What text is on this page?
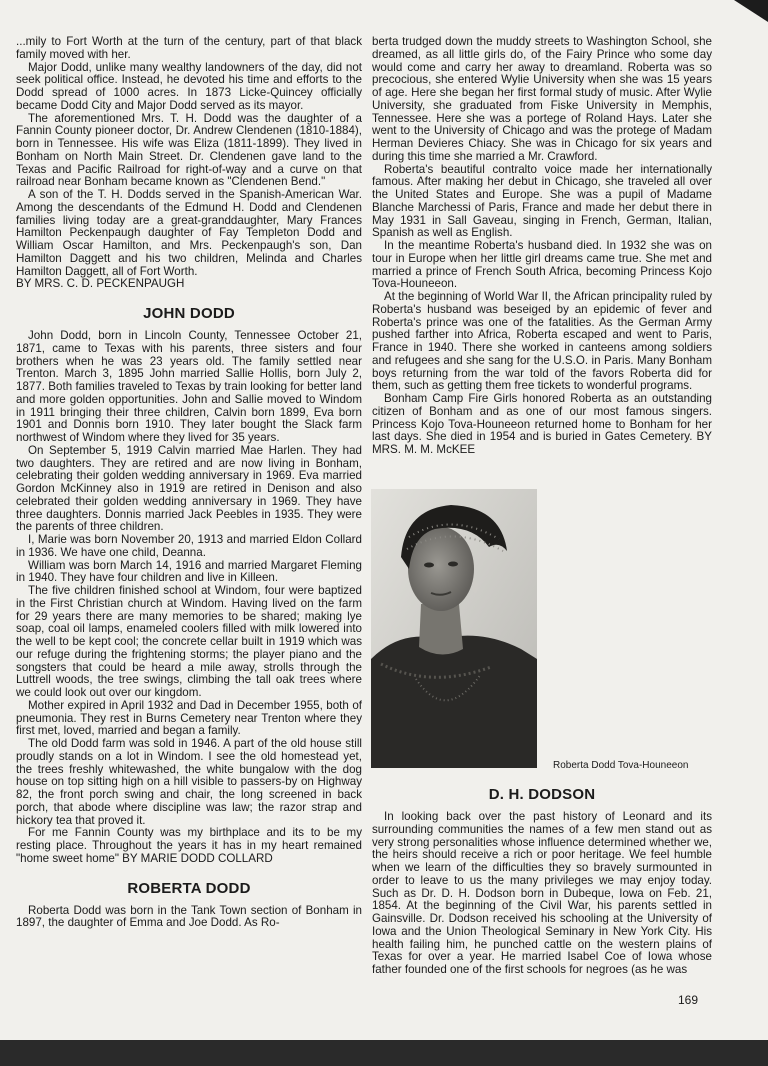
...mily to Fort Worth at the turn of the century, part of that black family moved with her.

Major Dodd, unlike many wealthy landowners of the day, did not seek political office. Instead, he devoted his time and efforts to the Dodd spread of 1000 acres. In 1873 Licke-Quincey officially became Dodd City and Major Dodd served as its mayor.

The aforementioned Mrs. T. H. Dodd was the daughter of a Fannin County pioneer doctor, Dr. Andrew Clendenen (1810-1884), born in Tennessee. His wife was Eliza (1811-1899). They lived in Bonham on North Main Street. Dr. Clendenen gave land to the Texas and Pacific Railroad for right-of-way and a curve on that railroad near Bonham became known as "Clendenen Bend."

A son of the T. H. Dodds served in the Spanish-American War. Among the descendants of the Edmund H. Dodd and Clendenen families living today are a great-granddaughter, Mary Frances Hamilton Peckenpaugh daughter of Fay Templeton Dodd and William Oscar Hamilton, and Mrs. Peckenpaugh's son, Dan Hamilton Daggett and his two children, Melinda and Charles Hamilton Daggett, all of Fort Worth.

BY MRS. C. D. PECKENPAUGH

JOHN DODD

John Dodd, born in Lincoln County, Tennessee October 21, 1871, came to Texas with his parents, three sisters and four brothers when he was 23 years old. The family settled near Trenton. March 3, 1895 John married Sallie Hollis, born July 2, 1877. Both families traveled to Texas by train looking for better land and more golden opportunities. John and Sallie moved to Windom in 1911 bringing their three children, Calvin born 1899, Eva born 1901 and Donnis born 1910. They later bought the Slack farm northwest of Windom where they lived for 35 years.

On September 5, 1919 Calvin married Mae Harlen. They had two daughters. They are retired and are now living in Bonham, celebrating their golden wedding anniversary in 1969. Eva married Gordon McKinney also in 1919 are retired in Denison and also celebrated their golden wedding anniversary in 1969. They have three daughters. Donnis married Jack Peebles in 1935. They were the parents of three children.

I, Marie was born November 20, 1913 and married Eldon Collard in 1936. We have one child, Deanna.

William was born March 14, 1916 and married Margaret Fleming in 1940. They have four children and live in Killeen.

The five children finished school at Windom, four were baptized in the First Christian church at Windom. Having lived on the farm for 29 years there are many memories to be shared; making lye soap, coal oil lamps, enameled coolers filled with milk lowered into the well to be kept cool; the concrete cellar built in 1919 which was our refuge during the frightening storms; the player piano and the songsters that could be heard a mile away, strolls through the Luttrell woods, the tree swings, climbing the tall oak trees where we could look out over our kingdom.

Mother expired in April 1932 and Dad in December 1955, both of pneumonia. They rest in Burns Cemetery near Trenton where they first met, loved, married and began a family.

The old Dodd farm was sold in 1946. A part of the old house still proudly stands on a lot in Windom. I see the old homestead yet, the trees freshly whitewashed, the white bungalow with the dog house on top sitting high on a hill visible to passers-by on Highway 82, the front porch swing and chair, the long screened in back porch, that abode where discipline was law; the razor strap and hickory tea that proved it.

For me Fannin County was my birthplace and its to be my resting place. Throughout the years it has in my heart remained "home sweet home" BY MARIE DODD COLLARD

ROBERTA DODD

Roberta Dodd was born in the Tank Town section of Bonham in 1897, the daughter of Emma and Joe Dodd. As Ro-

berta trudged down the muddy streets to Washington School, she dreamed, as all little girls do, of the Fairy Prince who some day would come and carry her away to dreamland. Roberta was so precocious, she entered Wylie University when she was 15 years of age. Here she began her first formal study of music. After Wylie University, she graduated from Fiske University in Memphis, Tennessee. Here she was a portege of Roland Hays. Later she went to the University of Chicago and was the protege of Madam Herman Devieres Chiacy. She was in Chicago for six years and during this time she married a Mr. Crawford.

Roberta's beautiful contralto voice made her internationally famous. After making her debut in Chicago, she traveled all over the United States and Europe. She was a pupil of Madame Blanche Marchessi of Paris, France and made her debut there in May 1931 in Sall Gaveau, singing in French, German, Italian, Spanish as well as English.

In the meantime Roberta's husband died. In 1932 she was on tour in Europe when her little girl dreams came true. She met and married a prince of French South Africa, becoming Princess Kojo Tova-Houneeon.

At the beginning of World War II, the African principality ruled by Roberta's husband was beseiged by an epidemic of fever and Roberta's prince was one of the fatalities. As the German Army pushed farther into Africa, Roberta escaped and went to Paris, France in 1940. There she worked in canteens among soldiers and refugees and she sang for the U.S.O. in Paris. Many Bonham boys returning from the war told of the favors Roberta did for them, such as getting them free tickets to wonderful programs.

Bonham Camp Fire Girls honored Roberta as an outstanding citizen of Bonham and as one of our most famous singers. Princess Kojo Tova-Houneeon returned home to Bonham for her last days. She died in 1954 and is buried in Gates Cemetery. BY MRS. M. M. McKEE

Roberta Dodd Tova-Houneeon
D. H. DODSON

In looking back over the past history of Leonard and its surrounding communities the names of a few men stand out as very strong personalities whose influence determined whether we, the heirs should receive a rich or poor heritage. We feel humble when we learn of the difficulties they so bravely surmounted in order to leave to us the many privileges we may enjoy today. Such as Dr. D. H. Dodson born in Dubeque, Iowa on Feb. 21, 1854. At the beginning of the Civil War, his parents settled in Gainsville. Dr. Dodson received his schooling at the University of Iowa and the Union Theological Seminary in New York City. His health failing him, he punched cattle on the western plains of Texas for over a year. He married Isabel Coe of Iowa whose father founded one of the first schools for negroes (as he was

169
